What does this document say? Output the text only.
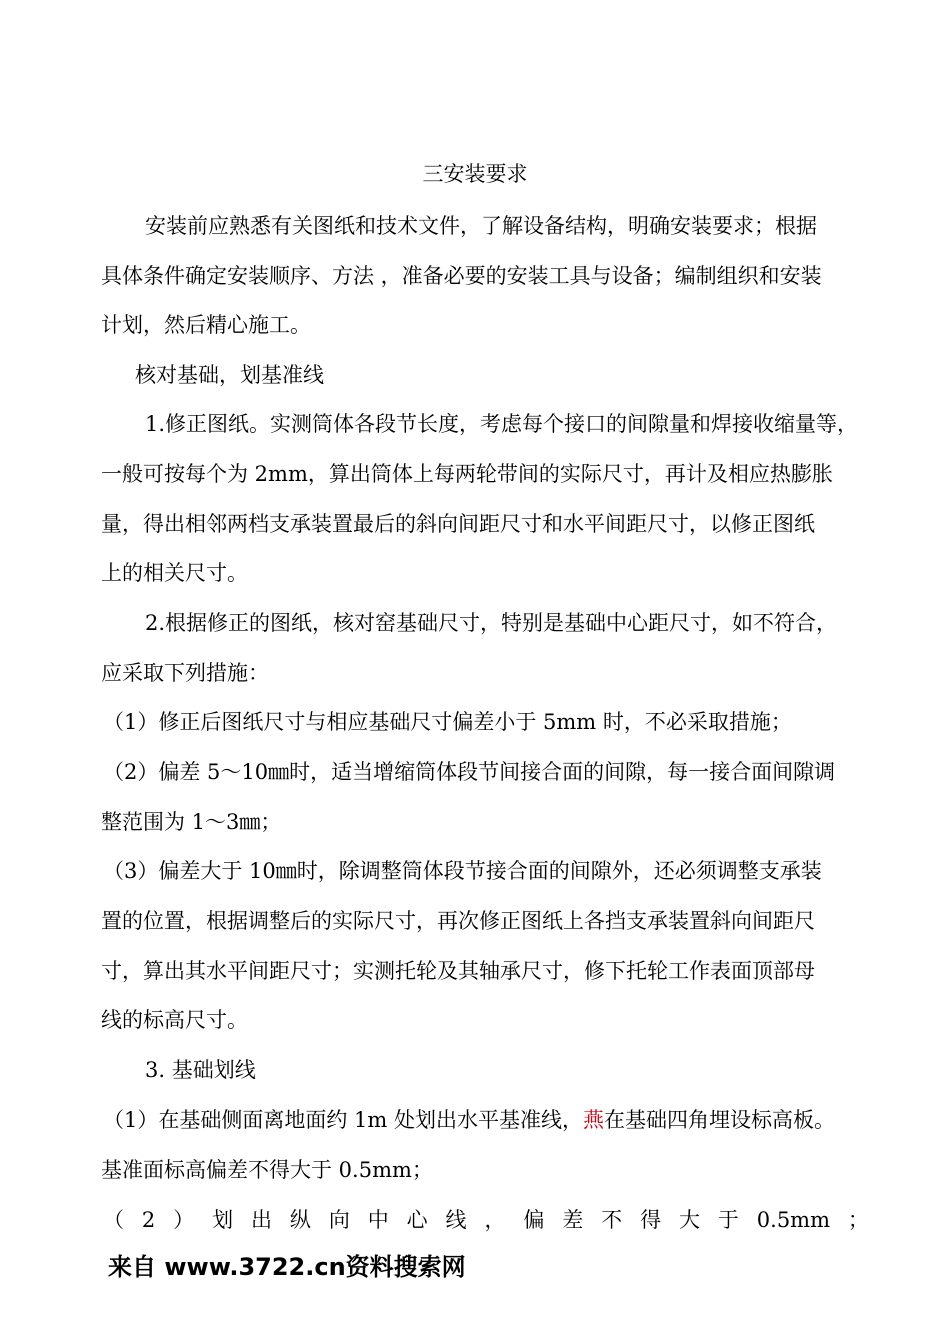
三安装要求
安装前应熟悉有关图纸和技术文件，了解设备结构，明确安装要求；根据
具体条件确定安装顺序、方法 ，准备必要的安装工具与设备；编制组织和安装
计划，然后精心施工。
核对基础，划基准线
1.修正图纸。实测筒体各段节长度，考虑每个接口的间隙量和焊接收缩量等，
一般可按每个为 2mm，算出筒体上每两轮带间的实际尺寸，再计及相应热膨胀
量，得出相邻两档支承装置最后的斜向间距尺寸和水平间距尺寸，以修正图纸
上的相关尺寸。
2.根据修正的图纸，核对窑基础尺寸，特别是基础中心距尺寸，如不符合，
应采取下列措施：
（1）修正后图纸尺寸与相应基础尺寸偏差小于 5mm 时，不必采取措施；
（2）偏差 5～10㎜时，适当增缩筒体段节间接合面的间隙，每一接合面间隙调
整范围为 1～3㎜；
（3）偏差大于 10㎜时，除调整筒体段节接合面的间隙外，还必须调整支承装
置的位置，根据调整后的实际尺寸，再次修正图纸上各挡支承装置斜向间距尺
寸，算出其水平间距尺寸；实测托轮及其轴承尺寸，修下托轮工作表面顶部母
线的标高尺寸。
3. 基础划线
（1）在基础侧面离地面约 1m 处划出水平基准线，燕在基础四角埋设标高板。
基准面标高偏差不得大于 0.5mm；
（ 2 ） 划 出 纵 向 中 心 线 ， 偏 差 不 得 大 于 0.5mm ；
来自 www.3722.cn资料搜索网
